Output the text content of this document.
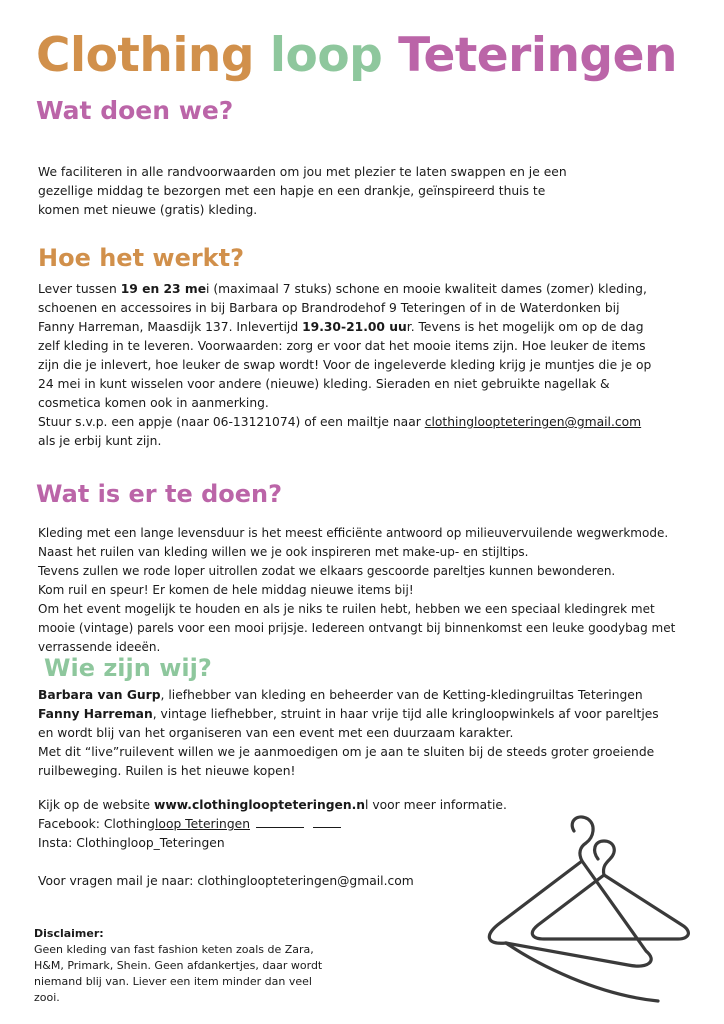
Clothing loop Teteringen
Wat doen we?
We faciliteren in alle randvoorwaarden om jou met plezier te laten swappen en je een
gezellige middag te bezorgen met een hapje en een drankje, geïnspireerd thuis te
komen met nieuwe (gratis) kleding.
Hoe het werkt?
Lever tussen 19 en 23 mei (maximaal 7 stuks) schone en mooie kwaliteit dames (zomer) kleding,
schoenen en accessoires in bij Barbara op Brandrodehof 9 Teteringen of in de Waterdonken bij
Fanny Harreman, Maasdijk 137. Inlevertijd 19.30-21.00 uur. Tevens is het mogelijk om op de dag
zelf kleding in te leveren. Voorwaarden: zorg er voor dat het mooie items zijn. Hoe leuker de items
zijn die je inlevert, hoe leuker de swap wordt! Voor de ingeleverde kleding krijg je muntjes die je op
24 mei in kunt wisselen voor andere (nieuwe) kleding. Sieraden en niet gebruikte nagellak &
cosmetica komen ook in aanmerking.
Stuur s.v.p. een appje (naar 06-13121074) of een mailtje naar clothinglooptetering​en@gmail.com
als je erbij kunt zijn.
Wat is er te doen?
Kleding met een lange levensduur is het meest efficiënte antwoord op milieuvervuilende wegwerkmode.
Naast het ruilen van kleding willen we je ook inspireren met make-up- en stijltips.
Tevens zullen we rode loper uitrollen zodat we elkaars gescoorde pareltjes kunnen bewonderen.
Kom ruil en speur! Er komen de hele middag nieuwe items bij!
Om het event mogelijk te houden en als je niks te ruilen hebt, hebben we een speciaal kledingrek met
mooie (vintage) parels voor een mooi prijsje. Iedereen ontvangt bij binnenkomst een leuke goodybag met
verrassende ideeën.
Wie zijn wij?
Barbara van Gurp, liefhebber van kleding en beheerder van de Ketting-kledingruiltas Teteringen
Fanny Harreman, vintage liefhebber, struint in haar vrije tijd alle kringloopwinkels af voor pareltjes
en wordt blij van het organiseren van een event met een duurzaam karakter.
Met dit “live”ruilevent willen we je aanmoedigen om je aan te sluiten bij de steeds groter groeiende
ruilbeweging. Ruilen is het nieuwe kopen!
Kijk op de website www.clothingloopteteringen.nl voor meer informatie.
Facebook: Clothingloop Teteringen
Insta: Clothingloop_Teteringen

Voor vragen mail je naar: clothingloopteteringen@gmail.com
Disclaimer:
Geen kleding van fast fashion keten zoals de Zara,
H&M, Primark, Shein. Geen afdankertjes, daar wordt
niemand blij van. Liever een item minder dan veel
zooi.
